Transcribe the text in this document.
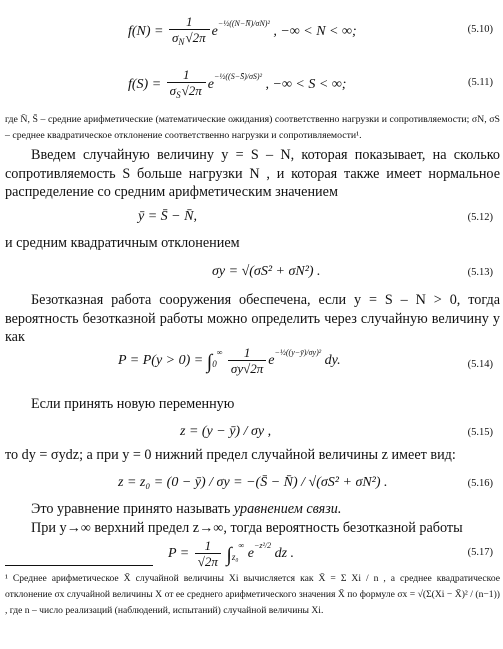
$f(N) = \frac{1}{\sigma_N√2\pi} e^{-\frac{1}{2}((N-N̄)/\sigma N)^2}$ , −∞ < N < ∞;	(5.10)
$f(S) = \frac{1}{\sigma_S√2\pi} e^{-\frac{1}{2}((S-S̄)/\sigma S)^2}$ , −∞ < S < ∞;	(5.11)
где N̄, S̄ – средние арифметические (математические ожидания) соответственно нагрузки и сопротивляемости; σN, σS – среднее квадратическое отклонение соответственно нагрузки и сопротивляемости¹.
Введем случайную величину y = S – N, которая показывает, на сколько сопротивляемость S больше нагрузки N , и которая также имеет нормальное распределение со средним арифметическим значением
ȳ = S̄ − N̄,	(5.12)
и средним квадратичным отклонением
σy = √(σS² + σN²) .	(5.13)
Безотказная работа сооружения обеспечена, если y = S – N > 0, тогда вероятность безотказной работы можно определить через случайную величину y как
$P = P(y > 0) = \int_0^\infty \frac{1}{\sigma y√2\pi} e^{-\frac{1}{2}((y-ȳ)/\sigma y)^2}$ dy.	(5.14)
Если принять новую переменную
z = (y − ȳ) / σy ,	(5.15)
то dy = σydz; а при y = 0 нижний предел случайной величины z имеет вид:
z = z₀ = (0 − ȳ) / σy = −(S̄ − N̄) / √(σS² + σN²) .	(5.16)
Это уравнение принято называть уравнением связи.
При y→∞ верхний предел z→∞, тогда вероятность безотказной работы
$P = \frac{1}{√2\pi} \int_{z_0}^\infty$ $e^{-z^2/2}$ dz .	(5.17)
¹ Среднее арифметическое X̄ случайной величины Xi вычисляется как X̄ = Σ Xi / n , а среднее квадратическое отклонение σx случайной величины X от ее среднего арифметического значения X̄ по формуле σx = √(Σ(Xi − X̄)² / (n−1)) , где n – число реализаций (наблюдений, испытаний) случайной величины Xi.
